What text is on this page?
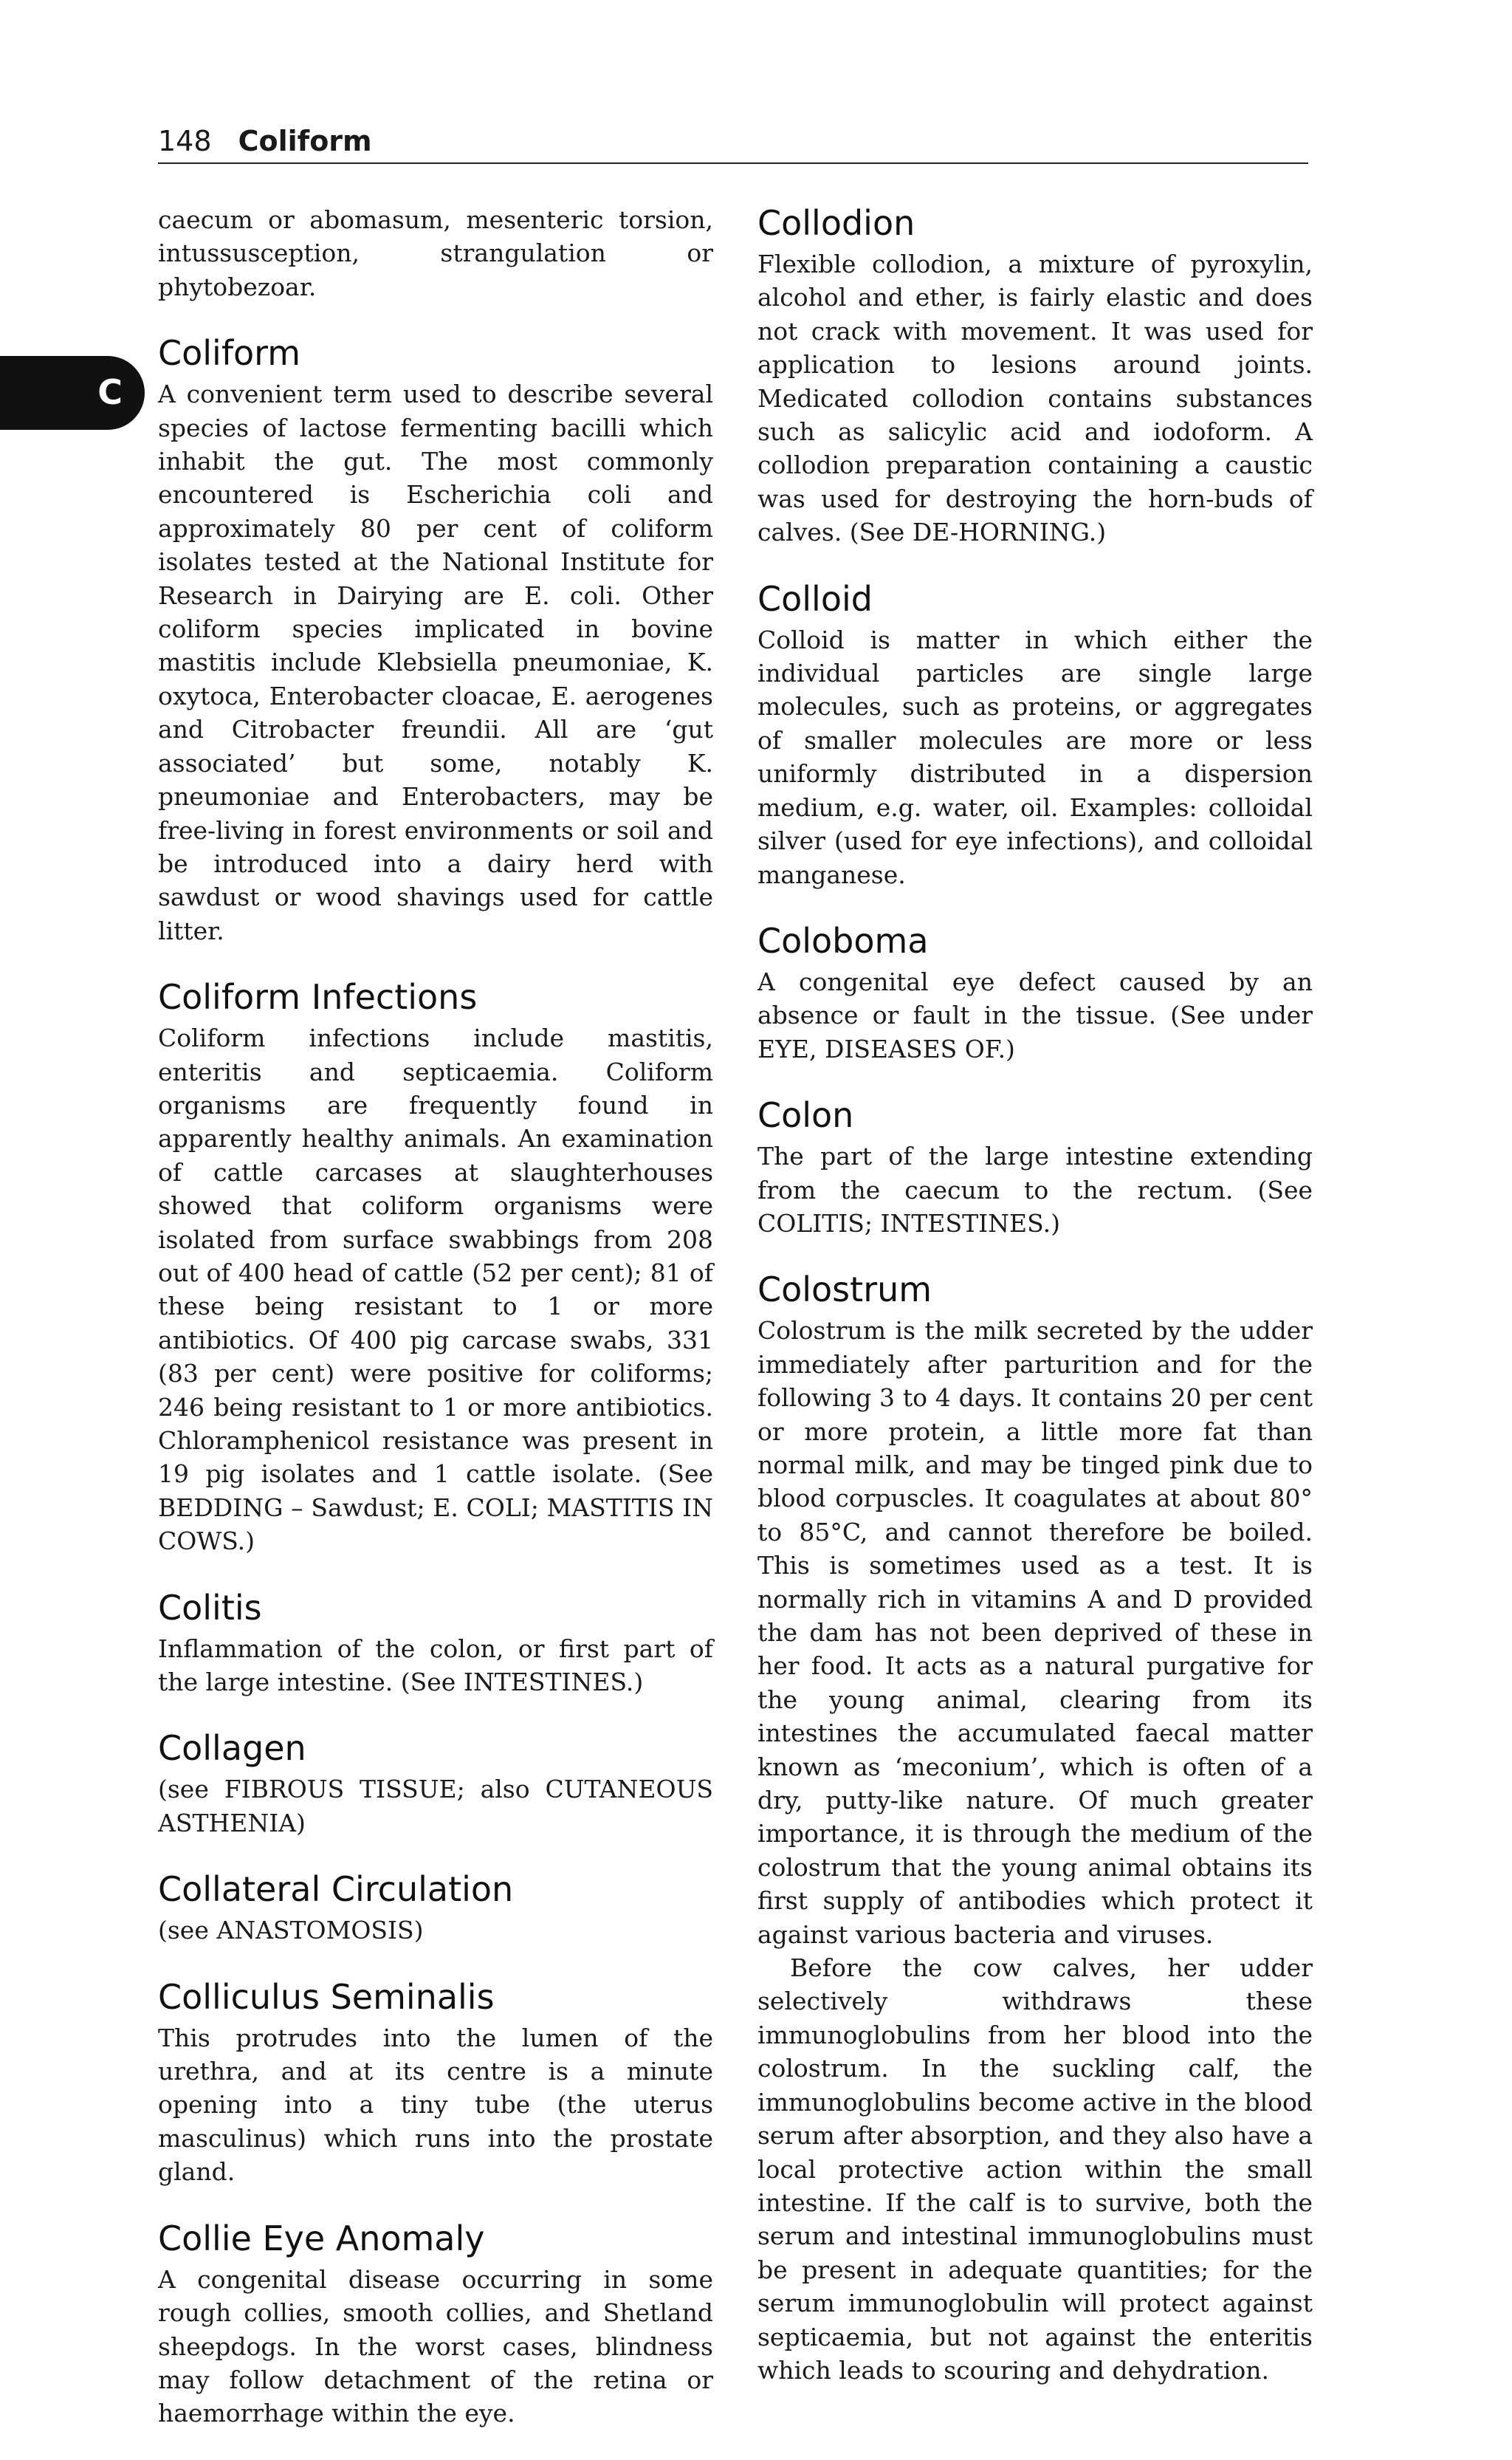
148 Coliform
C

caecum or abomasum, mesenteric torsion, intussusception, strangulation or phytobezoar.

Coliform

A convenient term used to describe several species of lactose fermenting bacilli which inhabit the gut. The most commonly encountered is Escherichia coli and approximately 80 per cent of coliform isolates tested at the National Institute for Research in Dairying are E. coli. Other coliform species implicated in bovine mastitis include Klebsiella pneumoniae, K. oxytoca, Enterobacter cloacae, E. aerogenes and Citrobacter freundii. All are ‘gut associated’ but some, notably K. pneumoniae and Enterobacters, may be free-living in forest environments or soil and be introduced into a dairy herd with sawdust or wood shavings used for cattle litter.

Coliform Infections

Coliform infections include mastitis, enteritis and septicaemia. Coliform organisms are frequently found in apparently healthy animals. An examination of cattle carcases at slaughterhouses showed that coliform organisms were isolated from surface swabbings from 208 out of 400 head of cattle (52 per cent); 81 of these being resistant to 1 or more antibiotics. Of 400 pig carcase swabs, 331 (83 per cent) were positive for coliforms; 246 being resistant to 1 or more antibiotics. Chloramphenicol resistance was present in 19 pig isolates and 1 cattle isolate. (See BEDDING – Sawdust; E. COLI; MASTITIS IN COWS.)

Colitis

Inflammation of the colon, or first part of the large intestine. (See INTESTINES.)

Collagen

(see FIBROUS TISSUE; also CUTANEOUS ASTHENIA)

Collateral Circulation

(see ANASTOMOSIS)

Colliculus Seminalis

This protrudes into the lumen of the urethra, and at its centre is a minute opening into a tiny tube (the uterus masculinus) which runs into the prostate gland.

Collie Eye Anomaly

A congenital disease occurring in some rough collies, smooth collies, and Shetland sheepdogs. In the worst cases, blindness may follow detachment of the retina or haemorrhage within the eye.

Collodion

Flexible collodion, a mixture of pyroxylin, alcohol and ether, is fairly elastic and does not crack with movement. It was used for application to lesions around joints. Medicated collodion contains substances such as salicylic acid and iodoform. A collodion preparation containing a caustic was used for destroying the horn-buds of calves. (See DE-HORNING.)

Colloid

Colloid is matter in which either the individual particles are single large molecules, such as proteins, or aggregates of smaller molecules are more or less uniformly distributed in a dispersion medium, e.g. water, oil. Examples: colloidal silver (used for eye infections), and colloidal manganese.

Coloboma

A congenital eye defect caused by an absence or fault in the tissue. (See under EYE, DISEASES OF.)

Colon

The part of the large intestine extending from the caecum to the rectum. (See COLITIS; INTESTINES.)

Colostrum

Colostrum is the milk secreted by the udder immediately after parturition and for the following 3 to 4 days. It contains 20 per cent or more protein, a little more fat than normal milk, and may be tinged pink due to blood corpuscles. It coagulates at about 80° to 85°C, and cannot therefore be boiled. This is sometimes used as a test. It is normally rich in vitamins A and D provided the dam has not been deprived of these in her food. It acts as a natural purgative for the young animal, clearing from its intestines the accumulated faecal matter known as ‘meconium’, which is often of a dry, putty-like nature. Of much greater importance, it is through the medium of the colostrum that the young animal obtains its first supply of antibodies which protect it against various bacteria and viruses.

Before the cow calves, her udder selectively withdraws these immunoglobulins from her blood into the colostrum. In the suckling calf, the immunoglobulins become active in the blood serum after absorption, and they also have a local protective action within the small intestine. If the calf is to survive, both the serum and intestinal immunoglobulins must be present in adequate quantities; for the serum immunoglobulin will protect against septicaemia, but not against the enteritis which leads to scouring and dehydration.
